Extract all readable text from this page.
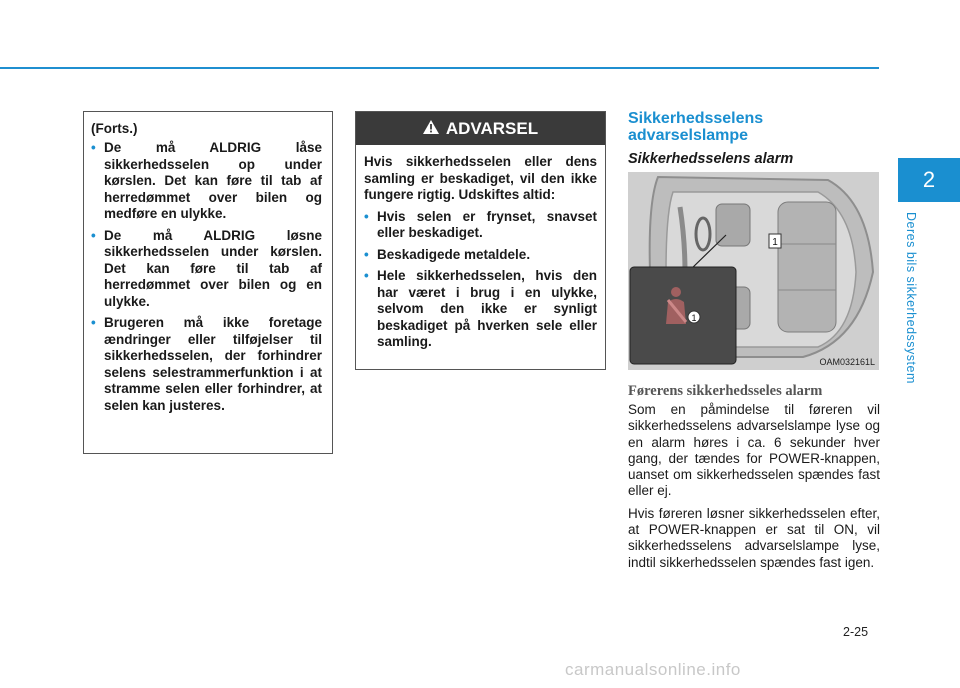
2
Deres bils sikkerhedssystem
(Forts.)
• De må ALDRIG låse sikkerhedsselen op under kørslen. Det kan føre til tab af herredømmet over bilen og medføre en ulykke.
• De må ALDRIG løsne sikkerhedsselen under kørslen. Det kan føre til tab af herredømmet over bilen og en ulykke.
• Brugeren må ikke foretage ændringer eller tilføjelser til sikkerhedsselen, der forhindrer selens selestrammerfunktion i at stramme selen eller forhindrer, at selen kan justeres.
ADVARSEL

Hvis sikkerhedsselen eller dens samling er beskadiget, vil den ikke fungere rigtig. Udskiftes altid:

• Hvis selen er frynset, snavset eller beskadiget.
• Beskadigede metaldele.
• Hele sikkerhedsselen, hvis den har været i brug i en ulykke, selvom den ikke er synligt beskadiget på hverken sele eller samling.
Sikkerhedsselens advarselslampe
Sikkerhedsselens alarm
1
1
OAM032161L
Førerens sikkerhedsseles alarm

Som en påmindelse til føreren vil sikkerhedsselens advarselslampe lyse og en alarm høres i ca. 6 sekunder hver gang, der tændes for POWER-knappen, uanset om sikkerhedsselen spændes fast eller ej.

Hvis føreren løsner sikkerhedsselen efter, at POWER-knappen er sat til ON, vil sikkerhedsselens advarselslampe lyse, indtil sikkerhedsselen spændes fast igen.

2-25
carmanualsonline.info
